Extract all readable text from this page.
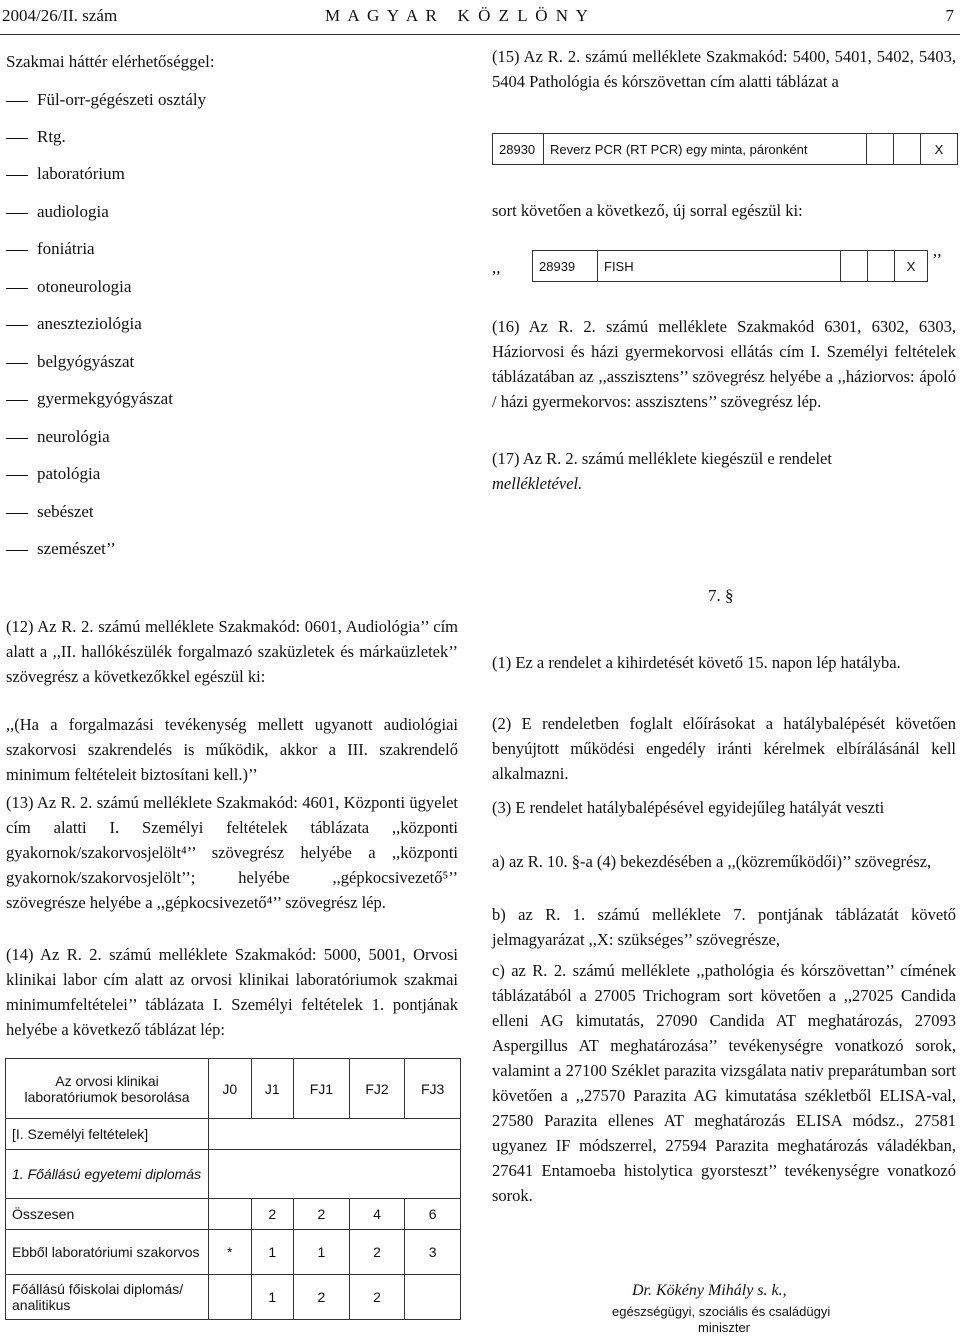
2004/26/II. szám	M A G Y A R   K Ö Z L Ö N Y	7
Szakmai háttér elérhetőséggel:
Fül-orr-gégészeti osztály
Rtg.
laboratórium
audiologia
foniátria
otoneurologia
aneszteziológia
belgyógyászat
gyermekgyógyászat
neurológia
patológia
sebészet
szemészet’’
(12) Az R. 2. számú melléklete Szakmakód: 0601, Audiológia’’ cím alatt a ,,II. hallókészülék forgalmazó szaküzletek és márkaüzletek’’ szövegrész a következőkkel egészül ki:
,,(Ha a forgalmazási tevékenység mellett ugyanott audiológiai szakorvosi szakrendelés is működik, akkor a III. szakrendelő minimum feltételeit biztosítani kell.)’’
(13) Az R. 2. számú melléklete Szakmakód: 4601, Központi ügyelet cím alatti I. Személyi feltételek táblázata ,,központi gyakornok/szakorvosjelölt⁴’’ szövegrész helyébe a ,,központi gyakornok/szakorvosjelölt’’; helyébe ,,gépkocsivezető⁵’’ szövegrésze helyébe a ,,gépkocsivezető⁴’’ szövegrész lép.
(14) Az R. 2. számú melléklete Szakmakód: 5000, 5001, Orvosi klinikai labor cím alatt az orvosi klinikai laboratóriumok szakmai minimumfeltételei’’ táblázata I. Személyi feltételek 1. pontjának helyébe a következő táblázat lép:
Az orvosi klinikai laboratóriumok besorolása	J0	J1	FJ1	FJ2	FJ3
[I. Személyi feltételek]					
1. Főállású egyetemi diplomás					
Összesen		2	2	4	6
Ebből laboratóriumi szakorvos	*	1	1	2	3
Főállású főiskolai diplomás/ analitikus		1	2	2	
(15) Az R. 2. számú melléklete Szakmakód: 5400, 5401, 5402, 5403, 5404 Pathológia és kórszövettan cím alatti táblázat a
28930	Reverz PCR (RT PCR) egy minta, páronként			X
sort követően a következő, új sorral egészül ki:
,,	28939	FISH			X ’’
(16) Az R. 2. számú melléklete Szakmakód 6301, 6302, 6303, Háziorvosi és házi gyermekorvosi ellátás cím I. Személyi feltételek táblázatában az ,,asszisztens’’ szövegrész helyébe a ,,háziorvos: ápoló / házi gyermekorvos: asszisztens’’ szövegrész lép.
(17) Az R. 2. számú melléklete kiegészül e rendelet
mellékletével.
7. §
(1) Ez a rendelet a kihirdetését követő 15. napon lép hatályba.
(2) E rendeletben foglalt előírásokat a hatálybalépését követően benyújtott működési engedély iránti kérelmek elbírálásánál kell alkalmazni.
(3) E rendelet hatálybalépésével egyidejűleg hatályát veszti
a) az R. 10. §-a (4) bekezdésében a ,,(közreműködői)’’ szövegrész,
b) az R. 1. számú melléklete 7. pontjának táblázatát követő jelmagyarázat ,,X: szükséges’’ szövegrésze,
c) az R. 2. számú melléklete ,,pathológia és kórszövettan’’ címének táblázatából a 27005 Trichogram sort követően a ,,27025 Candida elleni AG kimutatás, 27090 Candida AT meghatározás, 27093 Aspergillus AT meghatározása’’ tevékenységre vonatkozó sorok, valamint a 27100 Széklet parazita vizsgálata nativ preparátumban sort követően a ,,27570 Parazita AG kimutatása székletből ELISA-val, 27580 Parazita ellenes AT meghatározás ELISA módsz., 27581 ugyanez IF módszerrel, 27594 Parazita meghatározás váladékban, 27641 Entamoeba histolytica gyorsteszt’’ tevékenységre vonatkozó sorok.
Dr. Kökény Mihály s. k.,
egészségügyi, szociális és családügyi
miniszter
